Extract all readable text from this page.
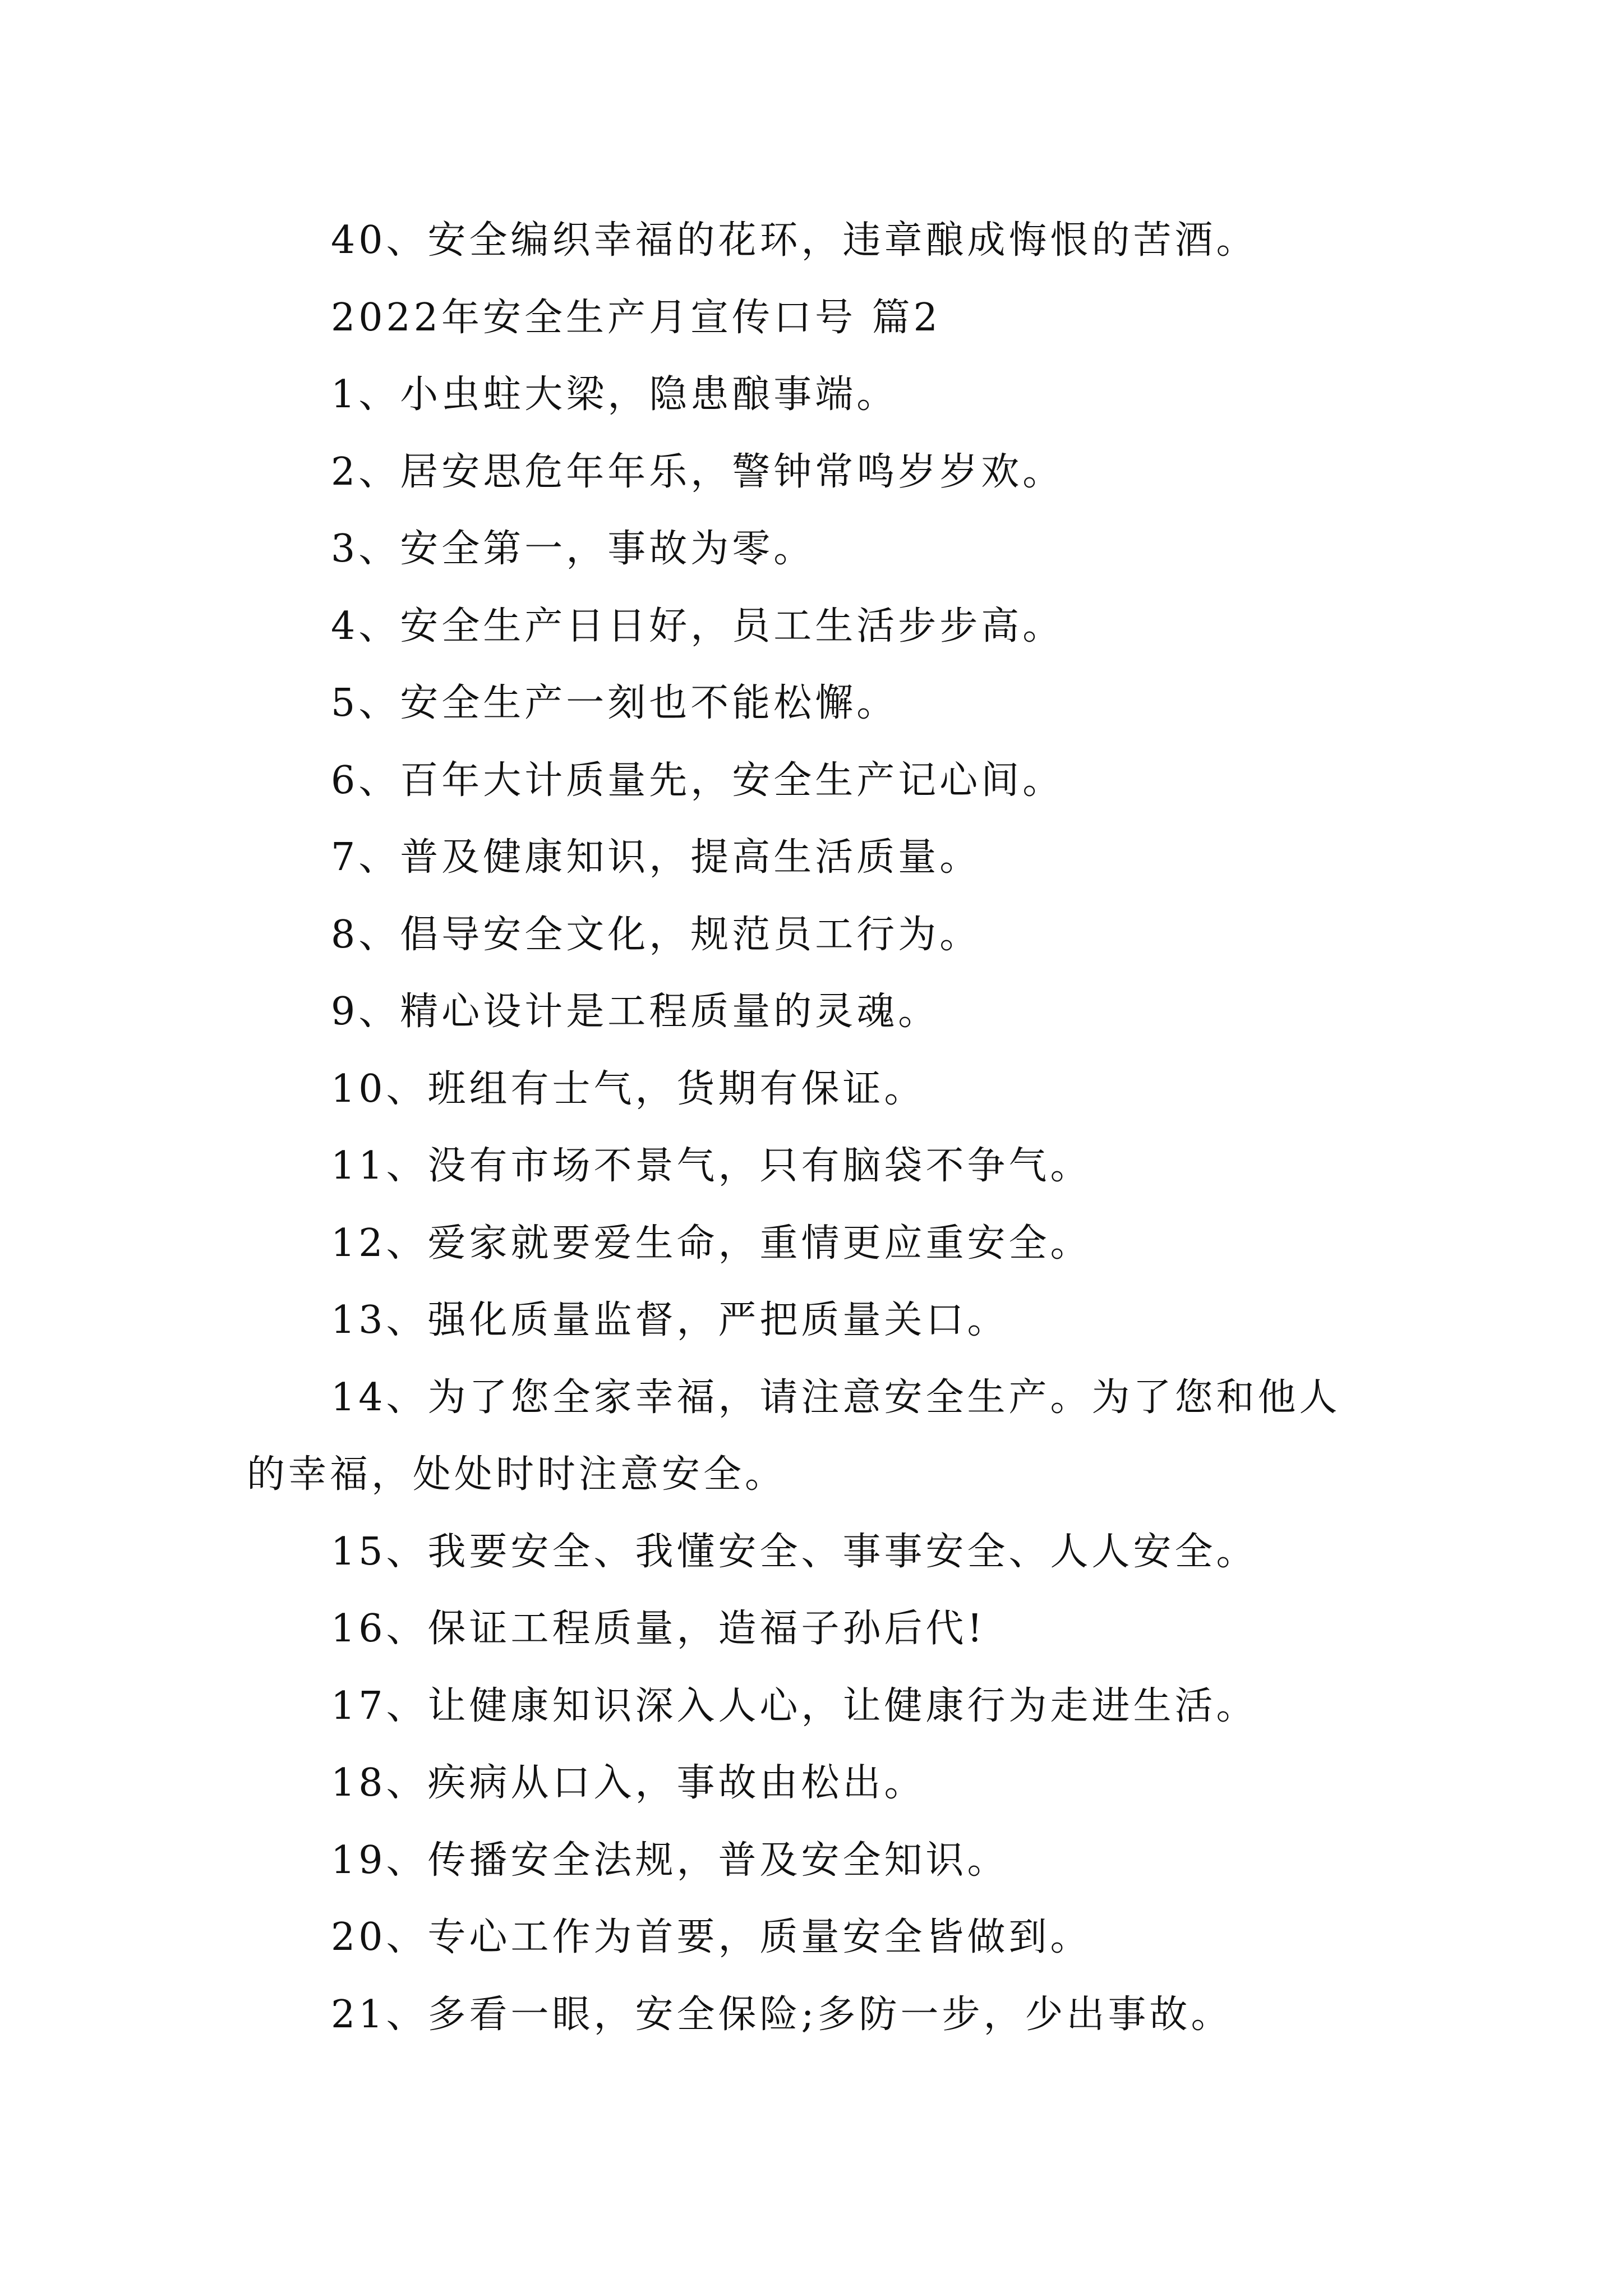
40、安全编织幸福的花环，违章酿成悔恨的苦酒。
2022年安全生产月宣传口号 篇2
1、小虫蛀大梁，隐患酿事端。
2、居安思危年年乐，警钟常鸣岁岁欢。
3、安全第一，事故为零。
4、安全生产日日好，员工生活步步高。
5、安全生产一刻也不能松懈。
6、百年大计质量先，安全生产记心间。
7、普及健康知识，提高生活质量。
8、倡导安全文化，规范员工行为。
9、精心设计是工程质量的灵魂。
10、班组有士气，货期有保证。
11、没有市场不景气，只有脑袋不争气。
12、爱家就要爱生命，重情更应重安全。
13、强化质量监督，严把质量关口。
14、为了您全家幸福，请注意安全生产。为了您和他人
的幸福，处处时时注意安全。
15、我要安全、我懂安全、事事安全、人人安全。
16、保证工程质量，造福子孙后代!
17、让健康知识深入人心，让健康行为走进生活。
18、疾病从口入，事故由松出。
19、传播安全法规，普及安全知识。
20、专心工作为首要，质量安全皆做到。
21、多看一眼，安全保险;多防一步，少出事故。
